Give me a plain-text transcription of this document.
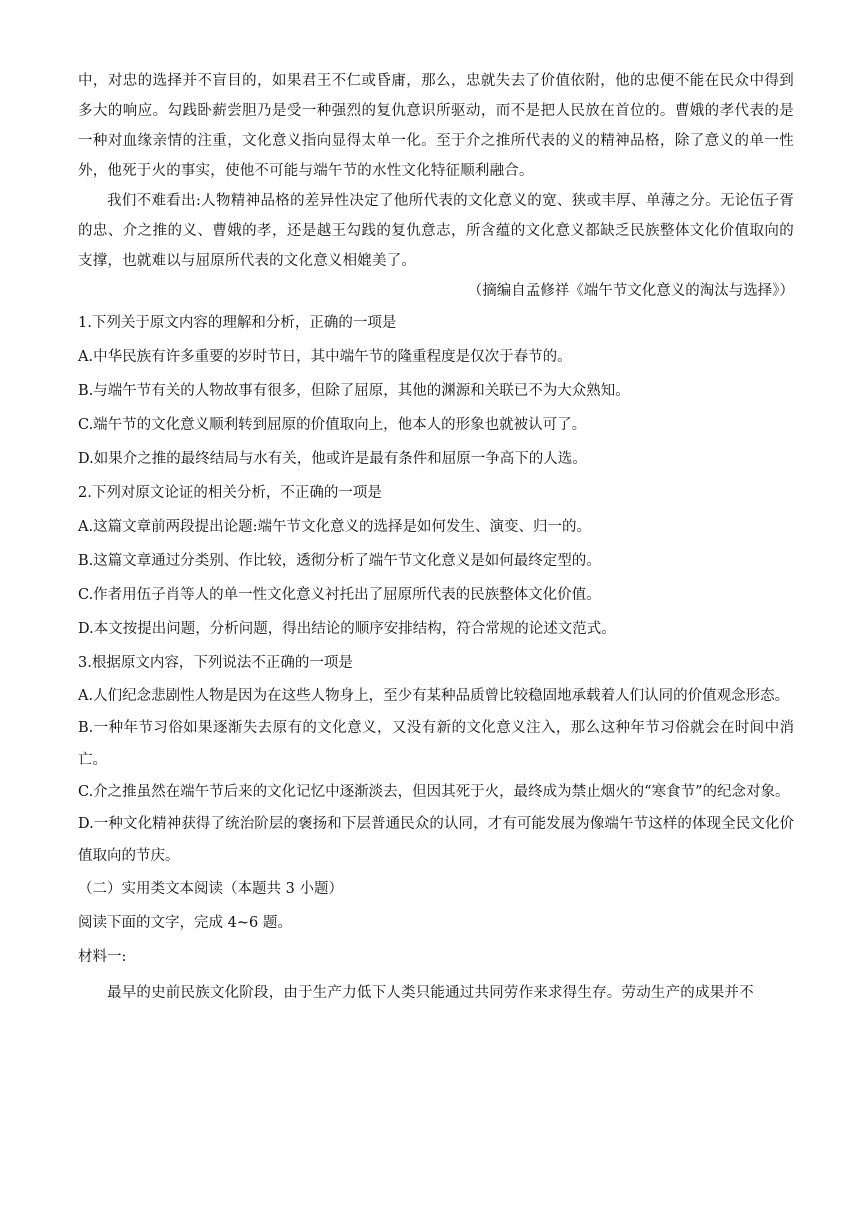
中，对忠的选择并不盲目的，如果君王不仁或昏庸，那么，忠就失去了价值依附，他的忠便不能在民众中得到多大的响应。勾践卧薪尝胆乃是受一种强烈的复仇意识所驱动，而不是把人民放在首位的。曹娥的孝代表的是一种对血缘亲情的注重，文化意义指向显得太单一化。至于介之推所代表的义的精神品格，除了意义的单一性外，他死于火的事实，使他不可能与端午节的水性文化特征顺利融合。

我们不难看出:人物精神品格的差异性决定了他所代表的文化意义的宽、狭或丰厚、单薄之分。无论伍子胥的忠、介之推的义、曹娥的孝，还是越王勾践的复仇意志，所含蕴的文化意义都缺乏民族整体文化价值取向的支撑，也就难以与屈原所代表的文化意义相媲美了。

（摘编自孟修祥《端午节文化意义的淘汰与选择》）

1.下列关于原文内容的理解和分析，正确的一项是

A.中华民族有许多重要的岁时节日，其中端午节的隆重程度是仅次于春节的。

B.与端午节有关的人物故事有很多，但除了屈原，其他的渊源和关联已不为大众熟知。

C.端午节的文化意义顺利转到屈原的价值取向上，他本人的形象也就被认可了。

D.如果介之推的最终结局与水有关，他或许是最有条件和屈原一争高下的人选。

2.下列对原文论证的相关分析，不正确的一项是

A.这篇文章前两段提出论题:端午节文化意义的选择是如何发生、演变、归一的。

B.这篇文章通过分类别、作比较，透彻分析了端午节文化意义是如何最终定型的。

C.作者用伍子肖等人的单一性文化意义衬托出了屈原所代表的民族整体文化价值。

D.本文按提出问题，分析问题，得出结论的顺序安排结构，符合常规的论述文范式。

3.根据原文内容，下列说法不正确的一项是

A.人们纪念悲剧性人物是因为在这些人物身上，至少有某种品质曾比较稳固地承载着人们认同的价值观念形态。

B.一种年节习俗如果逐渐失去原有的文化意义，又没有新的文化意义注入，那么这种年节习俗就会在时间中消亡。

C.介之推虽然在端午节后来的文化记忆中逐渐淡去，但因其死于火，最终成为禁止烟火的“寒食节”的纪念对象。

D.一种文化精神获得了统治阶层的褒扬和下层普通民众的认同，才有可能发展为像端午节这样的体现全民文化价值取向的节庆。

（二）实用类文本阅读（本题共 3 小题）

阅读下面的文字，完成 4~6 题。

材料一:

最早的史前民族文化阶段，由于生产力低下人类只能通过共同劳作来求得生存。劳动生产的成果并不
